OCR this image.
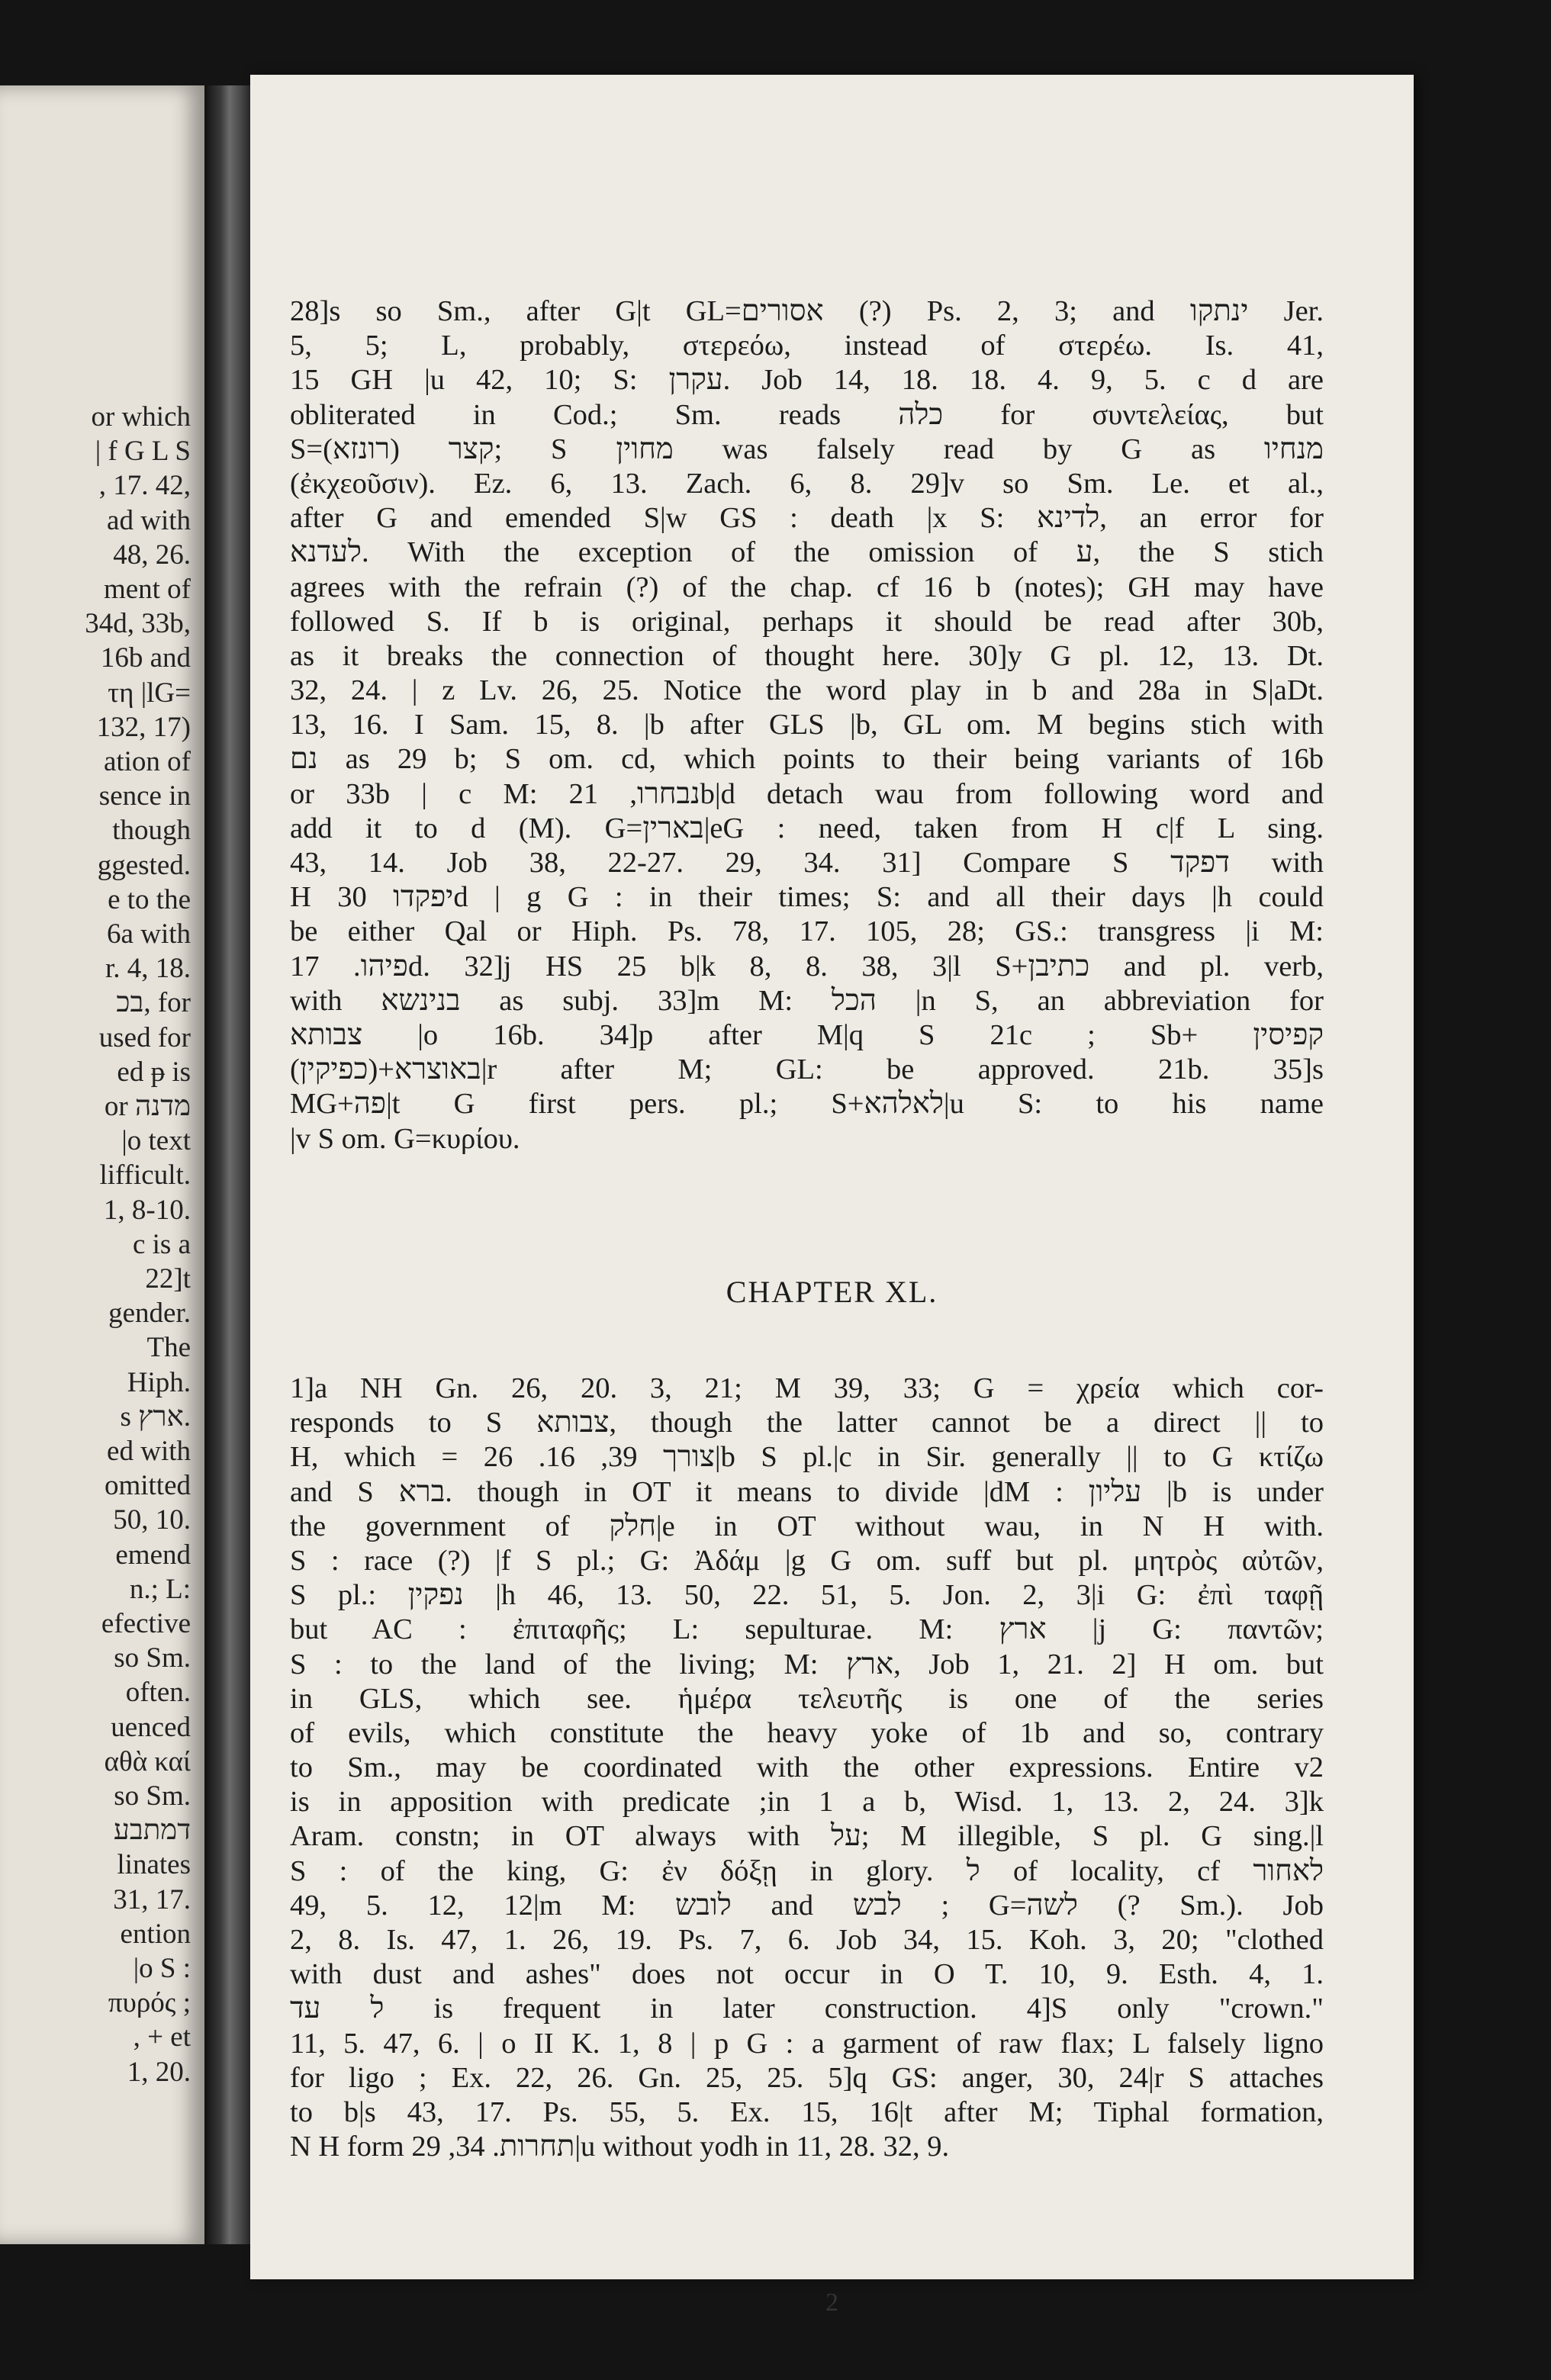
or which
| f G L S
, 17. 42,
ad with
48, 26.
ment of
34d, 33b,
16b and
τη |lG=
132, 17)
ation of
sence in
though
ggested.
e to the
6a with
r. 4, 18.
בכ, for
used for
ed ᵽ is
or מדנה
|o text
lifficult.
1, 8-10.
c is a
22]t
gender.
The
Hiph.
s ארץ.
ed with
omitted
50, 10.
emend
n.; L:
efective
so Sm.
often.
uenced
αθὰ καί
so Sm.
דמתבע
linates
31, 17.
ention
|o S :
πυρός ;
, + et
1, 20.
28]s so Sm., after G|t GL=אסורים (?) Ps. 2, 3; and ינתקו Jer.
5, 5; L, probably, στερεόω, instead of στερέω. Is. 41,
15 GH |u 42, 10; S: עקרן. Job 14, 18. 18. 4. 9, 5. c d are
obliterated in Cod.; Sm. reads כלה for συντελείας, but
S=קצר (רונזא); S מחוין was falsely read by G as מנחיו
(ἐκχεοῦσιν). Ez. 6, 13. Zach. 6, 8. 29]v so Sm. Le. et al.,
after G and emended S|w GS : death |x S: לדינא, an error for
לעדנא. With the exception of the omission of ע, the S stich
agrees with the refrain (?) of the chap. cf 16 b (notes); GH may have
followed S. If b is original, perhaps it should be read after 30b,
as it breaks the connection of thought here. 30]y G pl. 12, 13. Dt.
32, 24. | z Lv. 26, 25. Notice the word play in b and 28a in S|aDt.
13, 16. I Sam. 15, 8. |b after GLS |b, GL om. M begins stich with
נם as 29 b; S om. cd, which points to their being variants of 16b
or 33b | c M: נבחרו, 21b|d detach wau from following word and
add it to d (M). G=בארין|eG : need, taken from H c|f L sing.
43, 14. Job 38, 22-27. 29, 34. 31] Compare S דפקד with
H יפקדו 30d | g G : in their times; S: and all their days |h could
be either Qal or Hiph. Ps. 78, 17. 105, 28; GS.: transgress |i M:
פיהו. 17d. 32]j HS 25 b|k 8, 8. 38, 3|l S+כתיבן and pl. verb,
with בנינשא as subj. 33]m M: הכל |n S, an abbreviation for
צבותא |o 16b. 34]p after M|q S 21c ; Sb+ קפיסין
(כפיקין)+באוצרא|r after M; GL: be approved. 21b. 35]s
MG+פה|t G first pers. pl.; S+לאלהא|u S: to his name
|v S om. G=κυρίου.
CHAPTER XL.
1]a NH Gn. 26, 20. 3, 21; M 39, 33; G = χρεία which cor-
responds to S צבותא, though the latter cannot be a direct || to
H, which = צורך 39, 16. 26|b S pl.|c in Sir. generally || to G κτίζω
and S ברא. though in OT it means to divide |dM : עליון |b is under
the government of חלק|e in OT without wau, in N H with.
S : race (?) |f S pl.; G: Ἀδάμ |g G om. suff but pl. μητρὸς αὐτῶν,
S pl.: נפקין |h 46, 13. 50, 22. 51, 5. Jon. 2, 3|i G: ἐπὶ ταφῇ
but AC : ἐπιταφῆς; L: sepulturae. M: ארץ |j G: παντῶν;
S : to the land of the living; M: ארץ, Job 1, 21. 2] H om. but
in GLS, which see. ἡμέρα τελευτῆς is one of the series
of evils, which constitute the heavy yoke of 1b and so, contrary
to Sm., may be coordinated with the other expressions. Entire v2
is in apposition with predicate ;in 1 a b, Wisd. 1, 13. 2, 24. 3]k
Aram. constn; in OT always with על; M illegible, S pl. G sing.|l
S : of the king, G: ἐν δόξῃ in glory. ל of locality, cf לאחור
49, 5. 12, 12|m M: לובש and לבש ; G=לשה (? Sm.). Job
2, 8. Is. 47, 1. 26, 19. Ps. 7, 6. Job 34, 15. Koh. 3, 20; "clothed
with dust and ashes" does not occur in O T. 10, 9. Esth. 4, 1.
ל עד is frequent in later construction. 4]S only "crown."
11, 5. 47, 6. | o II K. 1, 8 | p G : a garment of raw flax; L falsely ligno
for ligo ; Ex. 22, 26. Gn. 25, 25. 5]q GS: anger, 30, 24|r S attaches
to b|s 43, 17. Ps. 55, 5. Ex. 15, 16|t after M; Tiphal formation,
N H form תחרות. 34, 29|u without yodh in 11, 28. 32, 9.
2
